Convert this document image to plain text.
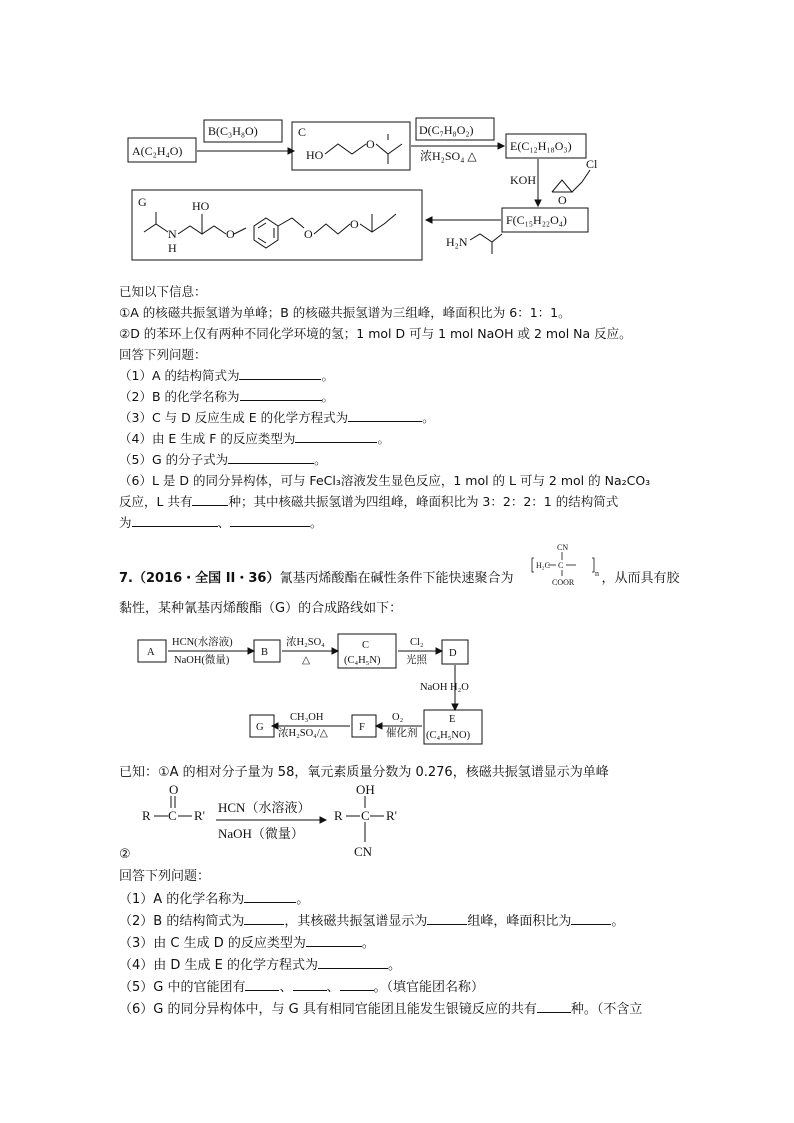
A(C₂H₄O)
B(C₃H₈O)	C
HO
O
D(C₇H₈O₂)
浓H₂SO₄ △
E(C₁₂H₁₈O₃)
KOH
Cl
O
F(C₁₅H₂₂O₄)
H₂N
G	HO
N
H
O	O
O
已知以下信息：
①A 的核磁共振氢谱为单峰；B 的核磁共振氢谱为三组峰，峰面积比为 6：1：1。
②D 的苯环上仅有两种不同化学环境的氢；1 mol D 可与 1 mol NaOH 或 2 mol Na 反应。
回答下列问题：
（1）A 的结构简式为	。
（2）B 的化学名称为	。
（3）C 与 D 反应生成 E 的化学方程式为	。
（4）由 E 生成 F 的反应类型为	。
（5）G 的分子式为	。
（6）L 是 D 的同分异构体，可与 FeCl₃溶液发生显色反应，1 mol 的 L 可与 2 mol 的 Na₂CO₃
反应，L 共有	种；其中核磁共振氢谱为四组峰，峰面积比为 3：2：2：1 的结构简式
为	、	。
7.（2016・全国 II・36）氰基丙烯酸酯在碱性条件下能快速聚合为	，从而具有胶
CN
H₂C C
COOR
n
黏性，某种氰基丙烯酸酯（G）的合成路线如下：
A	B
C
(C₄H₅N)
D
E
(C₄H₅NO)
F
G
HCN(水溶液)
NaOH(微量)
浓H₂SO₄
△
Cl₂
光照
NaOH H₂O
O₂
催化剂
CH₃OH
浓H₂SO₄/△
已知：①A 的相对分子量为 58，氧元素质量分数为 0.276，核磁共振氢谱显示为单峰
O
R C R'
HCN（水溶液）
NaOH（微量）
OH
R C R'
CN
②
回答下列问题：
（1）A 的化学名称为	。
（2）B 的结构简式为	，其核磁共振氢谱显示为	组峰，峰面积比为	。
（3）由 C 生成 D 的反应类型为	。
（4）由 D 生成 E 的化学方程式为	。
（5）G 中的官能团有	、	、	。（填官能团名称）
（6）G 的同分异构体中，与 G 具有相同官能团且能发生银镜反应的共有	种。（不含立
